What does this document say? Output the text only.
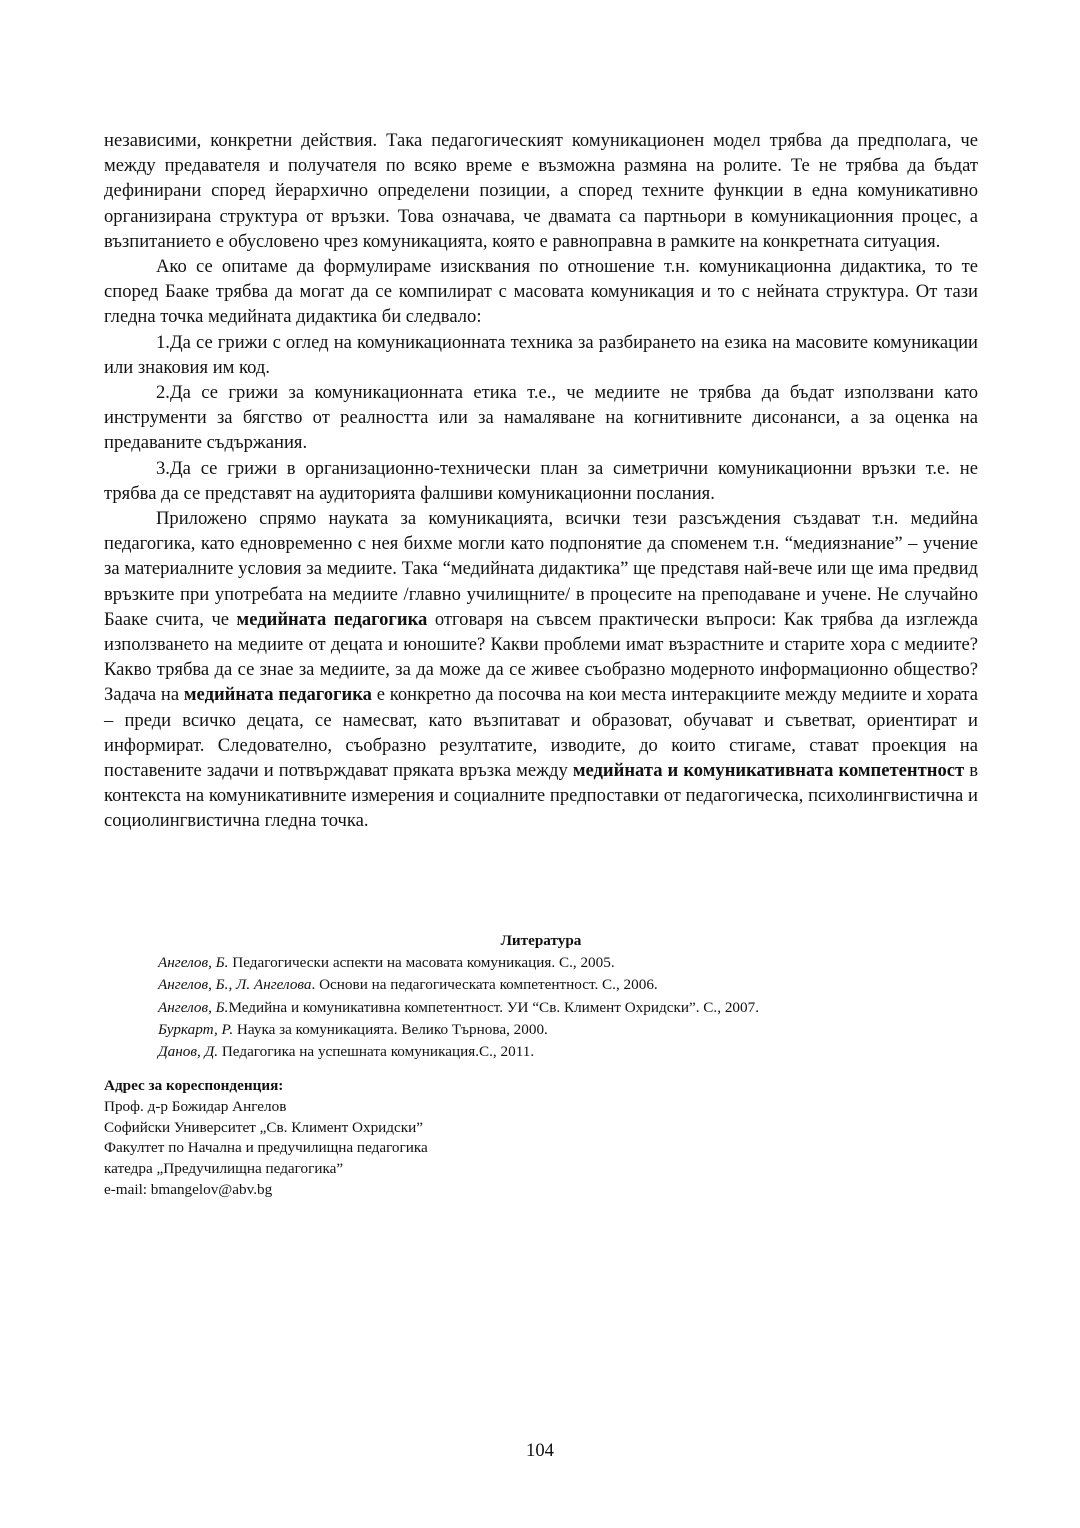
независими, конкретни действия. Така педагогическият комуникационен модел трябва да предполага, че между предавателя и получателя по всяко време е възможна размяна на ролите. Те не трябва да бъдат дефинирани според йерархично определени позиции, а според техните функции в една комуникативно организирана структура от връзки. Това означава, че двамата са партньори в комуникационния процес, а възпитанието е обусловено чрез комуникацията, която е равноправна в рамките на конкретната ситуация.

Ако се опитаме да формулираме изисквания по отношение т.н. комуникационна дидактика, то те според Бааке трябва да могат да се компилират с масовата комуникация и то с нейната структура. От тази гледна точка медийната дидактика би следвало:

1.Да се грижи с оглед на комуникационната техника за разбирането на езика на масовите комуникации или знаковия им код.

2.Да се грижи за комуникационната етика т.е., че медиите не трябва да бъдат използвани като инструменти за бягство от реалността или за намаляване на когнитивните дисонанси, а за оценка на предаваните съдържания.

3.Да се грижи в организационно-технически план за симетрични комуникационни връзки т.е. не трябва да се представят на аудиторията фалшиви комуникационни послания.

Приложено спрямо науката за комуникацията, всички тези разсъждения създават т.н. медийна педагогика, като едновременно с нея бихме могли като подпонятие да споменем т.н. “медиязнание” – учение за материалните условия за медиите. Така “медийната дидактика” ще представя най-вече или ще има предвид връзките при употребата на медиите /главно училищните/ в процесите на преподаване и учене. Не случайно Бааке счита, че медийната педагогика отговаря на съвсем практически въпроси: Как трябва да изглежда използването на медиите от децата и юношите? Какви проблеми имат възрастните и старите хора с медиите? Какво трябва да се знае за медиите, за да може да се живее съобразно модерното информационно общество? Задача на медийната педагогика е конкретно да посочва на кои места интеракциите между медиите и хората – преди всичко децата, се намесват, като възпитават и образоват, обучават и съветват, ориентират и информират. Следователно, съобразно резултатите, изводите, до които стигаме, стават проекция на поставените задачи и потвърждават пряката връзка между медийната и комуникативната компетентност в контекста на комуникативните измерения и социалните предпоставки от педагогическа, психолингвистична и социолингвистична гледна точка.

Литература
Ангелов, Б. Педагогически аспекти на масовата комуникация. С., 2005.
Ангелов, Б., Л. Ангелова. Основи на педагогическата компетентност. С., 2006.
Ангелов, Б.Медийна и комуникативна компетентност. УИ “Св. Климент Охридски”. С., 2007.
Буркарт, Р. Наука за комуникацията. Велико Търнова, 2000.
Данов, Д. Педагогика на успешната комуникация.С., 2011.
Адрес за кореспонденция:
Проф. д-р Божидар Ангелов
Софийски Университет „Св. Климент Охридски”
Факултет по Начална и предучилищна педагогика
катедра „Предучилищна педагогика”
e-mail: bmangelov@abv.bg
104
